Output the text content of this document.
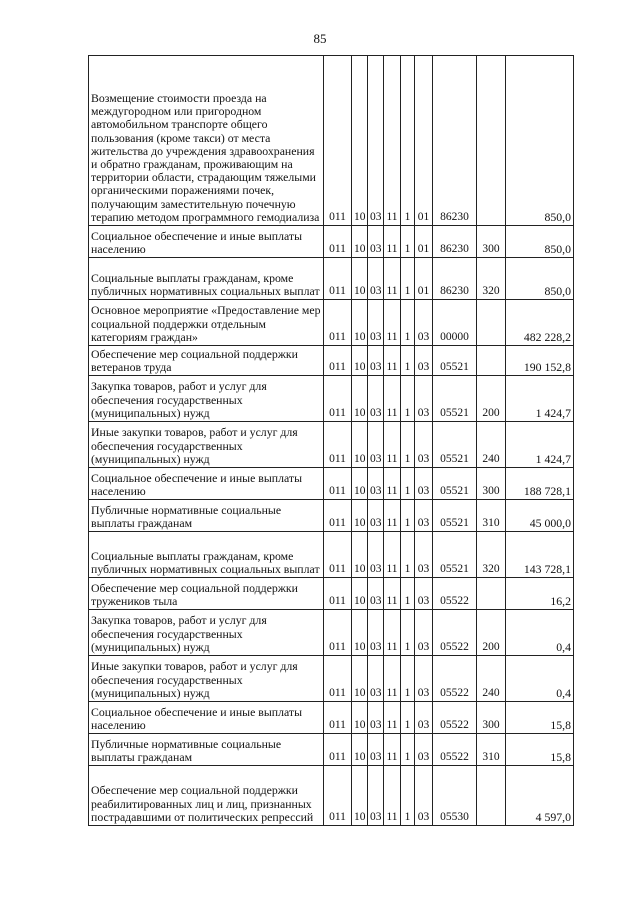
85
Возмещение стоимости проезда на междугородном или пригородном автомобильном транспорте общего пользования (кроме такси) от места жительства до учреждения здравоохранения и обратно гражданам, проживающим на территории области, страдающим тяжелыми органическими поражениями почек, получающим заместительную почечную терапию методом программного гемодиализа	011	10	03	11	1	01	86230		850,0
Социальное обеспечение и иные выплаты населению	011	10	03	11	1	01	86230	300	850,0
Социальные выплаты гражданам, кроме публичных нормативных социальных выплат	011	10	03	11	1	01	86230	320	850,0
Основное мероприятие «Предоставление мер социальной поддержки отдельным категориям граждан»	011	10	03	11	1	03	00000		482 228,2
Обеспечение мер социальной поддержки ветеранов труда	011	10	03	11	1	03	05521		190 152,8
Закупка товаров, работ и услуг для обеспечения государственных (муниципальных) нужд	011	10	03	11	1	03	05521	200	1 424,7
Иные закупки товаров, работ и услуг для обеспечения государственных (муниципальных) нужд	011	10	03	11	1	03	05521	240	1 424,7
Социальное обеспечение и иные выплаты населению	011	10	03	11	1	03	05521	300	188 728,1
Публичные нормативные социальные выплаты гражданам	011	10	03	11	1	03	05521	310	45 000,0
Социальные выплаты гражданам, кроме публичных нормативных социальных выплат	011	10	03	11	1	03	05521	320	143 728,1
Обеспечение мер социальной поддержки тружеников тыла	011	10	03	11	1	03	05522		16,2
Закупка товаров, работ и услуг для обеспечения государственных (муниципальных) нужд	011	10	03	11	1	03	05522	200	0,4
Иные закупки товаров, работ и услуг для обеспечения государственных (муниципальных) нужд	011	10	03	11	1	03	05522	240	0,4
Социальное обеспечение и иные выплаты населению	011	10	03	11	1	03	05522	300	15,8
Публичные нормативные социальные выплаты гражданам	011	10	03	11	1	03	05522	310	15,8
Обеспечение мер социальной поддержки реабилитированных лиц и лиц, признанных пострадавшими от политических репрессий	011	10	03	11	1	03	05530		4 597,0
